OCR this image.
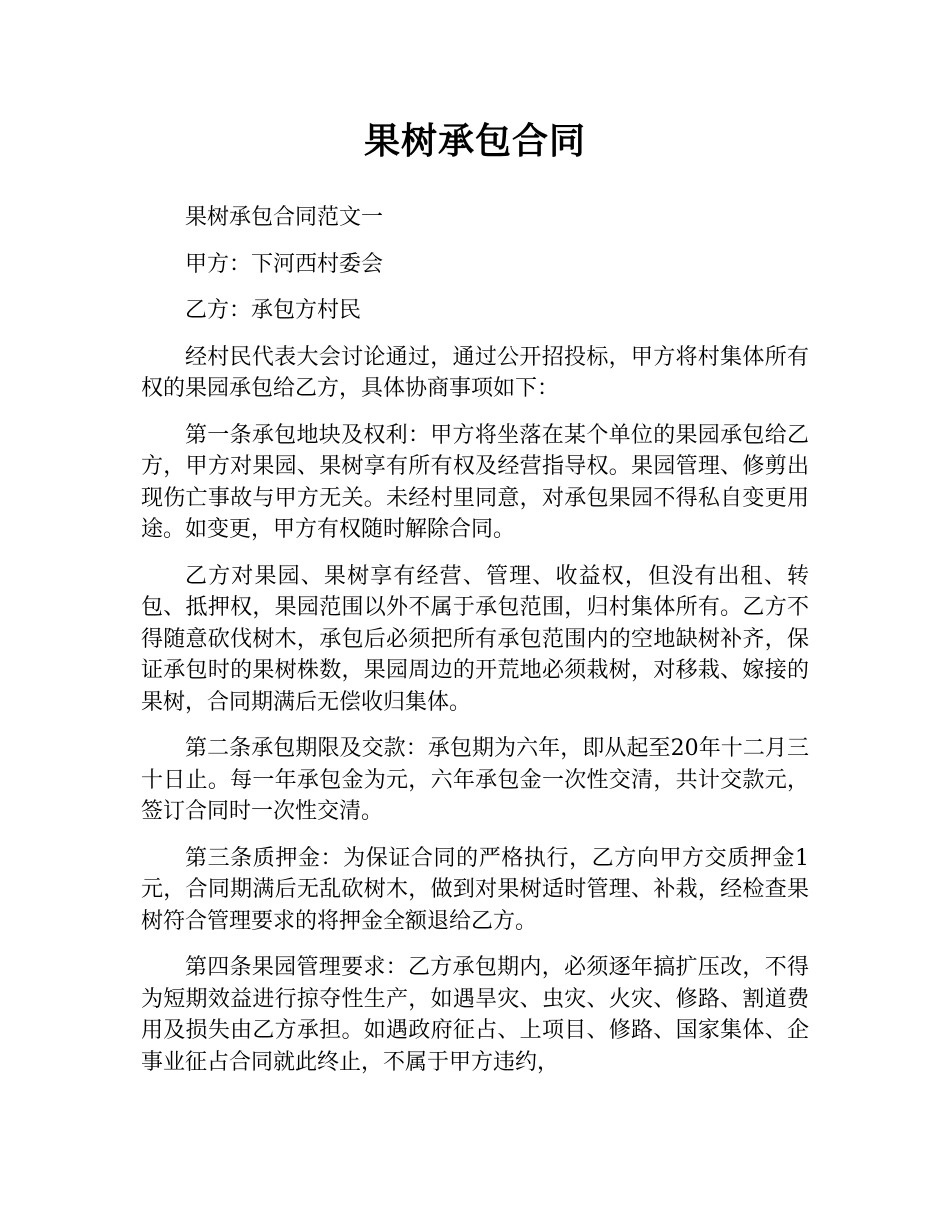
果树承包合同

果树承包合同范文一

甲方：下河西村委会

乙方：承包方村民

经村民代表大会讨论通过，通过公开招投标，甲方将村集体所有权的果园承包给乙方，具体协商事项如下：

第一条承包地块及权利：甲方将坐落在某个单位的果园承包给乙方，甲方对果园、果树享有所有权及经营指导权。果园管理、修剪出现伤亡事故与甲方无关。未经村里同意，对承包果园不得私自变更用途。如变更，甲方有权随时解除合同。

乙方对果园、果树享有经营、管理、收益权，但没有出租、转包、抵押权，果园范围以外不属于承包范围，归村集体所有。乙方不得随意砍伐树木，承包后必须把所有承包范围内的空地缺树补齐，保证承包时的果树株数，果园周边的开荒地必须栽树，对移栽、嫁接的果树，合同期满后无偿收归集体。

第二条承包期限及交款：承包期为六年，即从起至20年十二月三十日止。每一年承包金为元，六年承包金一次性交清，共计交款元，签订合同时一次性交清。

第三条质押金：为保证合同的严格执行，乙方向甲方交质押金1元，合同期满后无乱砍树木，做到对果树适时管理、补栽，经检查果树符合管理要求的将押金全额退给乙方。

第四条果园管理要求：乙方承包期内，必须逐年搞扩压改，不得为短期效益进行掠夺性生产，如遇旱灾、虫灾、火灾、修路、割道费用及损失由乙方承担。如遇政府征占、上项目、修路、国家集体、企事业征占合同就此终止，不属于甲方违约，
